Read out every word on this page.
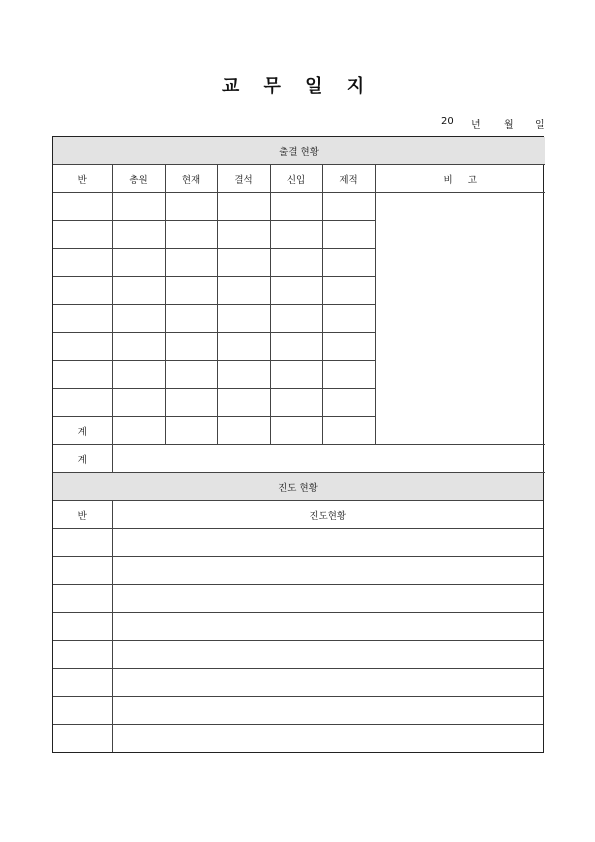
교 무 일 지
20 년 월 일
출결 현황						
반	총원	현재	결석	신입	제적	비     고

계						
계						
진도 현황	
반	진도현황
